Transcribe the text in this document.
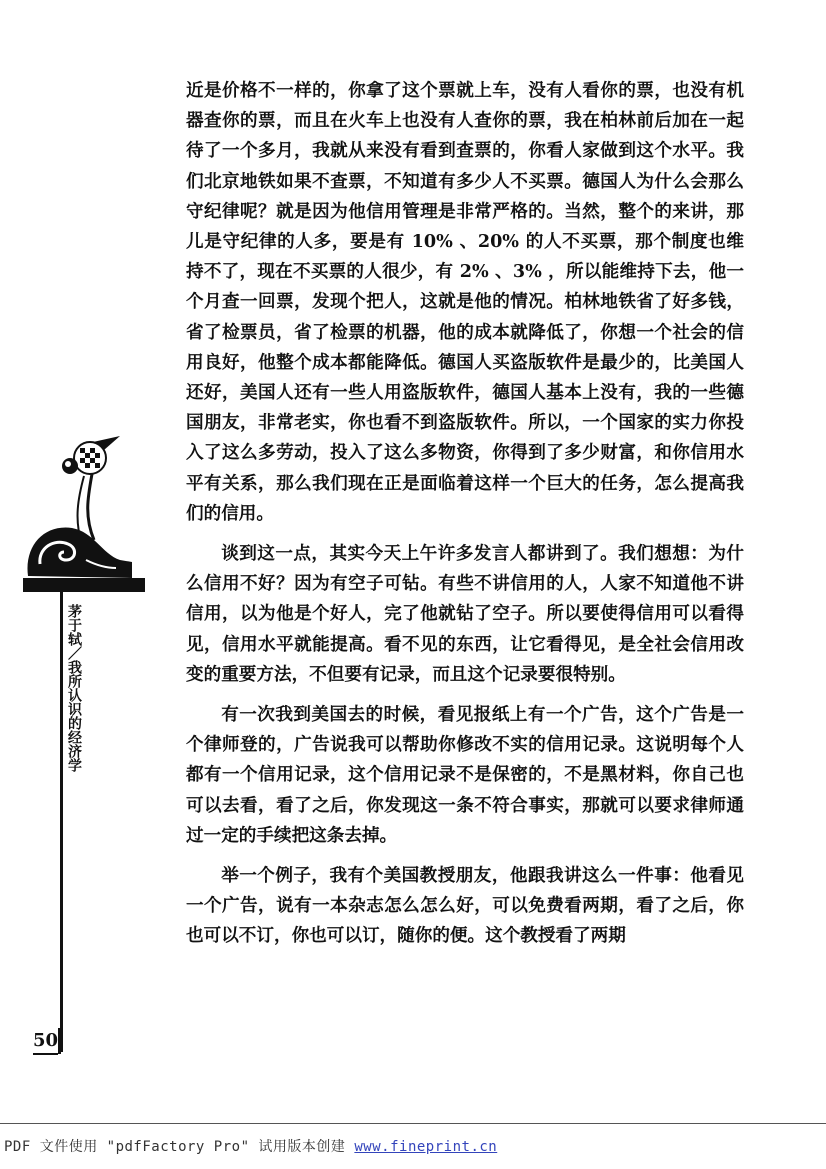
茅于轼／我所认识的经济学

近是价格不一样的，你拿了这个票就上车，没有人看你的票，也没有机器查你的票，而且在火车上也没有人查你的票，我在柏林前后加在一起待了一个多月，我就从来没有看到查票的，你看人家做到这个水平。我们北京地铁如果不查票，不知道有多少人不买票。德国人为什么会那么守纪律呢？就是因为他信用管理是非常严格的。当然，整个的来讲，那儿是守纪律的人多，要是有 10% 、20% 的人不买票，那个制度也维持不了，现在不买票的人很少，有 2% 、3% ，所以能维持下去，他一个月查一回票，发现个把人，这就是他的情况。柏林地铁省了好多钱，省了检票员，省了检票的机器，他的成本就降低了，你想一个社会的信用良好，他整个成本都能降低。德国人买盗版软件是最少的，比美国人还好，美国人还有一些人用盗版软件，德国人基本上没有，我的一些德国朋友，非常老实，你也看不到盗版软件。所以，一个国家的实力你投入了这么多劳动，投入了这么多物资，你得到了多少财富，和你信用水平有关系，那么我们现在正是面临着这样一个巨大的任务，怎么提高我们的信用。

谈到这一点，其实今天上午许多发言人都讲到了。我们想想：为什么信用不好？因为有空子可钻。有些不讲信用的人，人家不知道他不讲信用，以为他是个好人，完了他就钻了空子。所以要使得信用可以看得见，信用水平就能提高。看不见的东西，让它看得见，是全社会信用改变的重要方法，不但要有记录，而且这个记录要很特别。

有一次我到美国去的时候，看见报纸上有一个广告，这个广告是一个律师登的，广告说我可以帮助你修改不实的信用记录。这说明每个人都有一个信用记录，这个信用记录不是保密的，不是黑材料，你自己也可以去看，看了之后，你发现这一条不符合事实，那就可以要求律师通过一定的手续把这条去掉。

举一个例子，我有个美国教授朋友，他跟我讲这么一件事：他看见一个广告，说有一本杂志怎么怎么好，可以免费看两期，看了之后，你也可以不订，你也可以订，随你的便。这个教授看了两期

50
PDF 文件使用 "pdfFactory Pro" 试用版本创建 www.fineprint.cn
